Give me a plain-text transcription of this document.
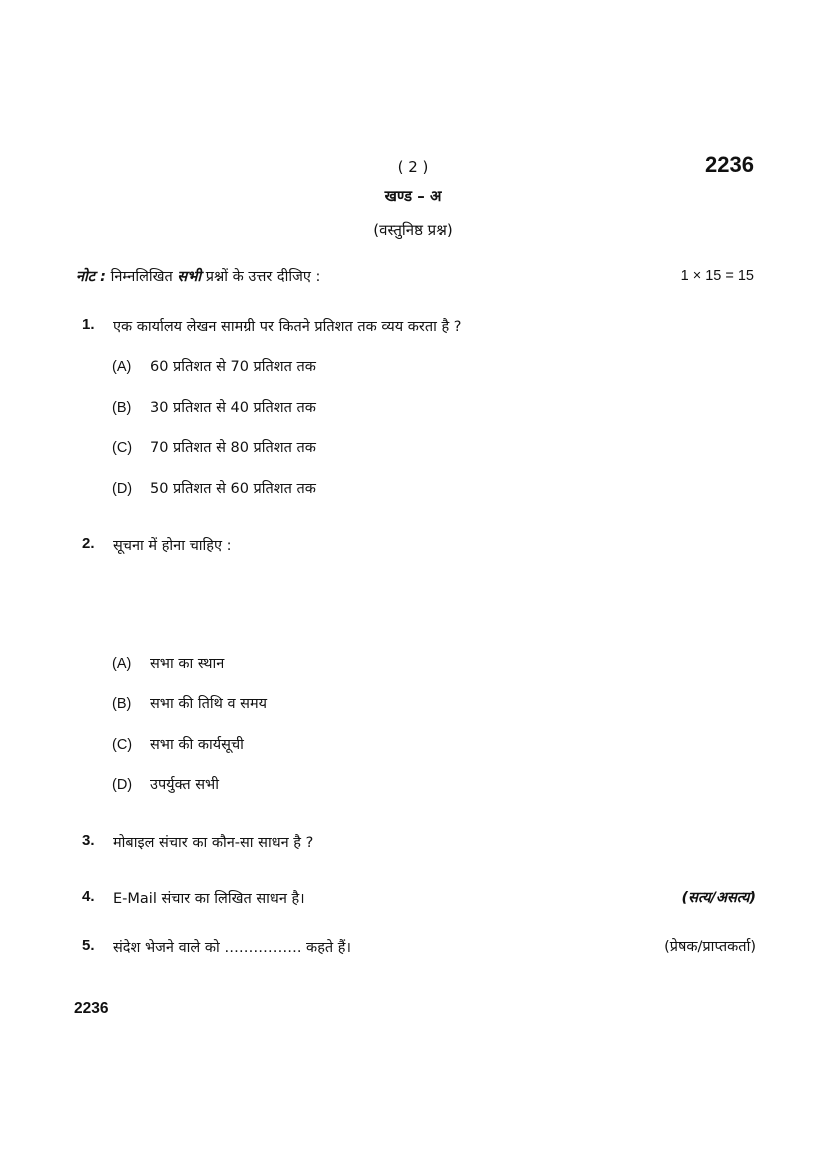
( 2 )	2236
खण्ड – अ
(वस्तुनिष्ठ प्रश्न)
नोट : निम्नलिखित सभी प्रश्नों के उत्तर दीजिए :	1 × 15 = 15
1. एक कार्यालय लेखन सामग्री पर कितने प्रतिशत तक व्यय करता है ?
(A) 60 प्रतिशत से 70 प्रतिशत तक
(B) 30 प्रतिशत से 40 प्रतिशत तक
(C) 70 प्रतिशत से 80 प्रतिशत तक
(D) 50 प्रतिशत से 60 प्रतिशत तक
2. सूचना में होना चाहिए :
(A) सभा का स्थान
(B) सभा की तिथि व समय
(C) सभा की कार्यसूची
(D) उपर्युक्त सभी
3. मोबाइल संचार का कौन-सा साधन है ?
4. E-Mail संचार का लिखित साधन है।	(सत्य/असत्य)
5. संदेश भेजने वाले को ……………. कहते हैं।	(प्रेषक/प्राप्तकर्ता)
2236
